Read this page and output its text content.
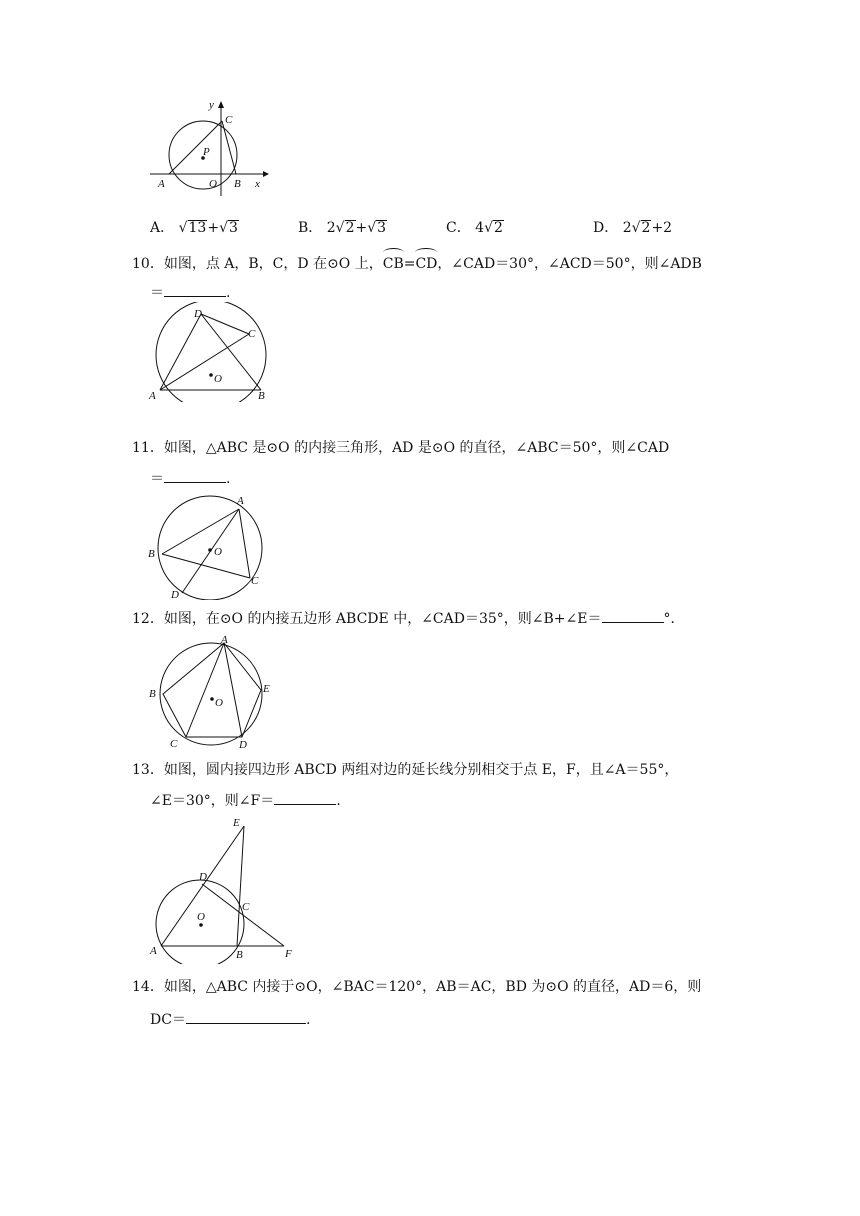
y
x
C
P
A	O B
A． √13+√3	B． 2√2+√3	C． 4√2	D． 2√2+2
10．如图，点 A，B，C，D 在⊙O 上，CB=CD，∠CAD＝30°，∠ACD＝50°，则∠ADB
＝	.
D
C
A	B
O
11．如图，△ABC 是⊙O 的内接三角形，AD 是⊙O 的直径，∠ABC＝50°，则∠CAD
＝	.
A
B
C
D
O
12．如图，在⊙O 的内接五边形 ABCDE 中，∠CAD＝35°，则∠B+∠E＝	°．
A
B
C	D
E
O
13．如图，圆内接四边形 ABCD 两组对边的延长线分别相交于点 E，F，且∠A＝55°，
∠E＝30°，则∠F＝	.
E
D
C
O
A	B	F
14．如图，△ABC 内接于⊙O，∠BAC＝120°，AB＝AC，BD 为⊙O 的直径，AD＝6，则
DC＝	.
